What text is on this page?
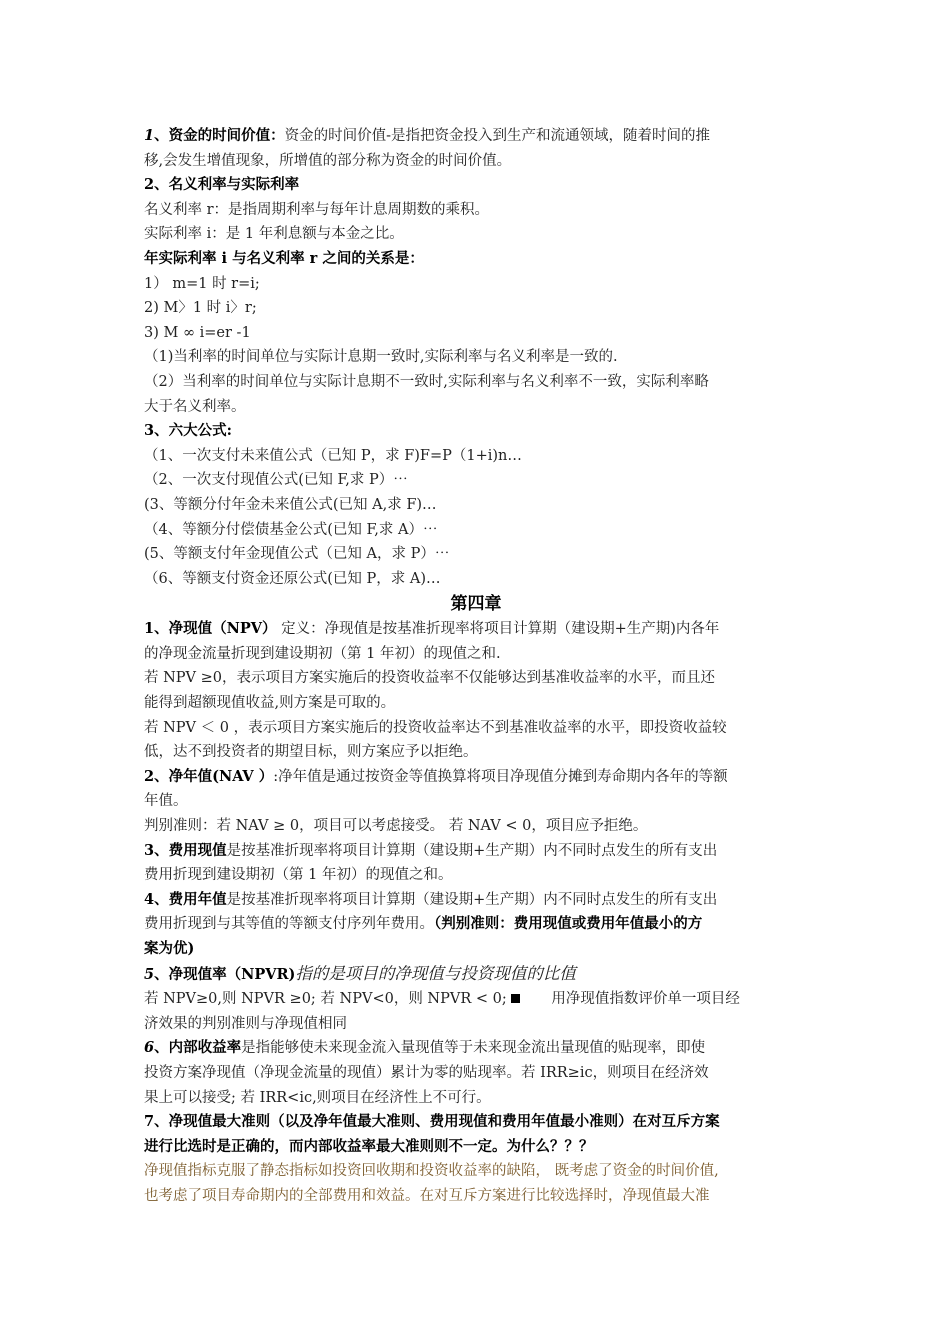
1、资金的时间价值：资金的时间价值-是指把资金投入到生产和流通领域，随着时间的推
移,会发生增值现象，所增值的部分称为资金的时间价值。
2、名义利率与实际利率
名义利率 r：是指周期利率与每年计息周期数的乘积。
实际利率 i：是 1 年利息额与本金之比。
年实际利率 i 与名义利率 r 之间的关系是：
1） m=1 时 r=i;
2) M〉1 时 i〉r;
3) M ∞ i=er -1
（1)当利率的时间单位与实际计息期一致时,实际利率与名义利率是一致的.
（2）当利率的时间单位与实际计息期不一致时,实际利率与名义利率不一致，实际利率略
大于名义利率。
3、六大公式:
（1、一次支付未来值公式（已知 P，求 F)F=P（1+i)n…
（2、一次支付现值公式(已知 F,求 P）⋯
(3、等额分付年金未来值公式(已知 A,求 F)…
（4、等额分付偿债基金公式(已知 F,求 A）⋯
(5、等额支付年金现值公式（已知 A，求 P）⋯
（6、等额支付资金还原公式(已知 P，求 A)…
第四章
1、净现值（NPV） 定义：净现值是按基准折现率将项目计算期（建设期+生产期)内各年
的净现金流量折现到建设期初（第 1 年初）的现值之和.
若 NPV ≥0，表示项目方案实施后的投资收益率不仅能够达到基准收益率的水平，而且还
能得到超额现值收益,则方案是可取的。
若 NPV ＜ 0 ，表示项目方案实施后的投资收益率达不到基准收益率的水平，即投资收益较
低，达不到投资者的期望目标，则方案应予以拒绝。
2、净年值(NAV ）:净年值是通过按资金等值换算将项目净现值分摊到寿命期内各年的等额
年值。
判别准则：若 NAV ≥ 0，项目可以考虑接受。 若 NAV < 0，项目应予拒绝。
3、费用现值是按基准折现率将项目计算期（建设期+生产期）内不同时点发生的所有支出
费用折现到建设期初（第 1 年初）的现值之和。
4、费用年值是按基准折现率将项目计算期（建设期+生产期）内不同时点发生的所有支出
费用折现到与其等值的等额支付序列年费用。（判别准则：费用现值或费用年值最小的方
案为优)
5、净现值率（NPVR)指的是项目的净现值与投资现值的比值
若 NPV≥0,则 NPVR ≥0; 若 NPV<0，则 NPVR < 0;	用净现值指数评价单一项目经
济效果的判别准则与净现值相同
6、内部收益率是指能够使未来现金流入量现值等于未来现金流出量现值的贴现率，即使
投资方案净现值（净现金流量的现值）累计为零的贴现率。若 IRR≥ic，则项目在经济效
果上可以接受; 若 IRR<ic,则项目在经济性上不可行。
7、净现值最大准则（以及净年值最大准则、费用现值和费用年值最小准则）在对互斥方案
进行比选时是正确的，而内部收益率最大准则则不一定。为什么？？？
净现值指标克服了静态指标如投资回收期和投资收益率的缺陷， 既考虑了资金的时间价值,
也考虑了项目寿命期内的全部费用和效益。在对互斥方案进行比较选择时，净现值最大准
